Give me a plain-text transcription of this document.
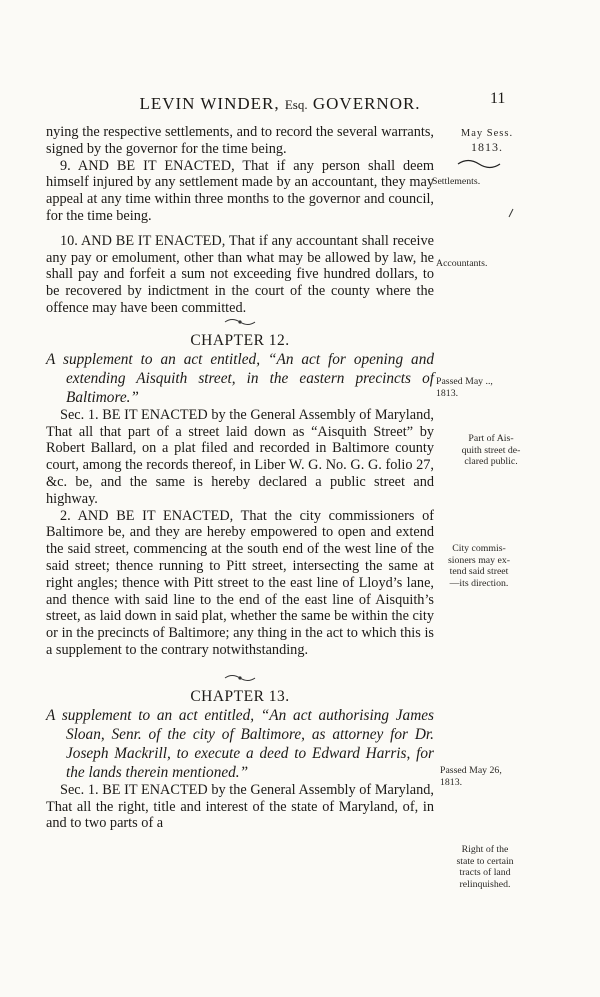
LEVIN WINDER, Esq. GOVERNOR.	11

nying the respective settlements, and to record the several warrants, signed by the governor for the time being.

9. AND BE IT ENACTED, That if any person shall deem himself injured by any settlement made by an accountant, they may appeal at any time within three months to the governor and council, for the time being.

10. AND BE IT ENACTED, That if any accountant shall receive any pay or emolument, other than what may be allowed by law, he shall pay and forfeit a sum not exceeding five hundred dollars, to be recovered by indictment in the court of the county where the offence may have been committed.

CHAPTER 12.

A supplement to an act entitled, “An act for opening and extending Aisquith street, in the eastern precincts of Baltimore.”

Sec. 1. BE IT ENACTED by the General Assembly of Maryland, That all that part of a street laid down as “Aisquith Street” by Robert Ballard, on a plat filed and recorded in Baltimore county court, among the records thereof, in Liber W. G. No. G. G. folio 27, &c. be, and the same is hereby declared a public street and highway.

2. AND BE IT ENACTED, That the city commissioners of Baltimore be, and they are hereby empowered to open and extend the said street, commencing at the south end of the west line of the said street; thence running to Pitt street, intersecting the same at right angles; thence with Pitt street to the east line of Lloyd’s lane, and thence with said line to the end of the east line of Aisquith’s street, as laid down in said plat, whether the same be within the city or in the precincts of Baltimore; any thing in the act to which this is a supplement to the contrary notwithstanding.

CHAPTER 13.

A supplement to an act entitled, “An act authorising James Sloan, Senr. of the city of Baltimore, as attorney for Dr. Joseph Mackrill, to execute a deed to Edward Harris, for the lands therein mentioned.”

Sec. 1. BE IT ENACTED by the General Assembly of Maryland, That all the right, title and interest of the state of Maryland, of, in and to two parts of a

May Sess.
1813.
Settlements.
Accountants.
Passed May ..,
1813.
Part of Ais-
quith street de-
clared public.
City commis-
sioners may ex-
tend said street
—its direction.
Passed May 26,
1813.
Right of the
state to certain
tracts of land
relinquished.
